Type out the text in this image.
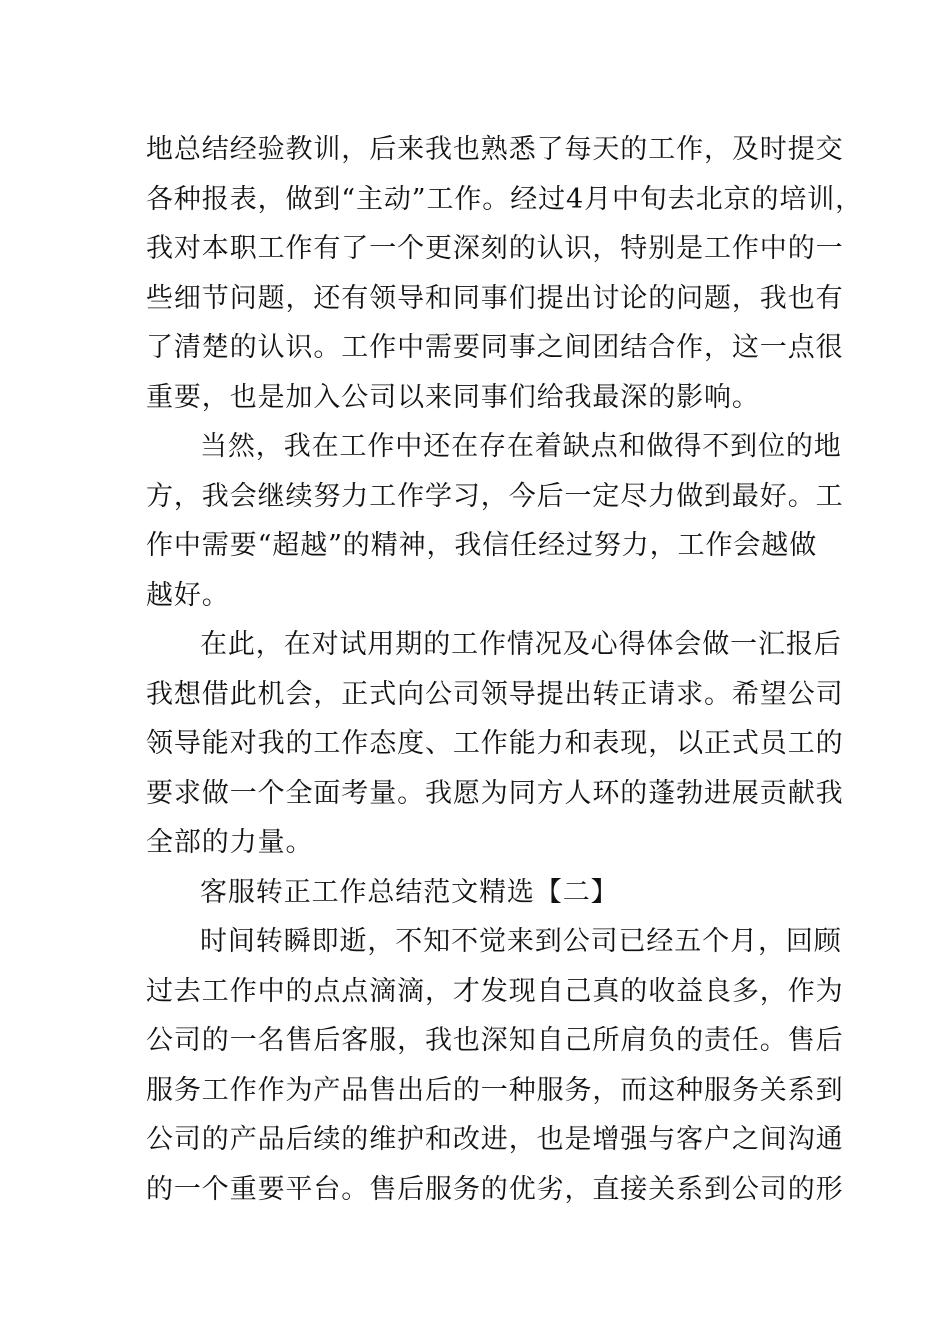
地总结经验教训，后来我也熟悉了每天的工作，及时提交
各种报表，做到“主动”工作。经过4月中旬去北京的培训，
我对本职工作有了一个更深刻的认识，特别是工作中的一
些细节问题，还有领导和同事们提出讨论的问题，我也有
了清楚的认识。工作中需要同事之间团结合作，这一点很
重要，也是加入公司以来同事们给我最深的影响。
当然，我在工作中还在存在着缺点和做得不到位的地
方，我会继续努力工作学习，今后一定尽力做到最好。工
作中需要“超越”的精神，我信任经过努力，工作会越做
越好。
在此，在对试用期的工作情况及心得体会做一汇报后
我想借此机会，正式向公司领导提出转正请求。希望公司
领导能对我的工作态度、工作能力和表现，以正式员工的
要求做一个全面考量。我愿为同方人环的蓬勃进展贡献我
全部的力量。
客服转正工作总结范文精选【二】
时间转瞬即逝，不知不觉来到公司已经五个月，回顾
过去工作中的点点滴滴，才发现自己真的收益良多，作为
公司的一名售后客服，我也深知自己所肩负的责任。售后
服务工作作为产品售出后的一种服务，而这种服务关系到
公司的产品后续的维护和改进，也是增强与客户之间沟通
的一个重要平台。售后服务的优劣，直接关系到公司的形
